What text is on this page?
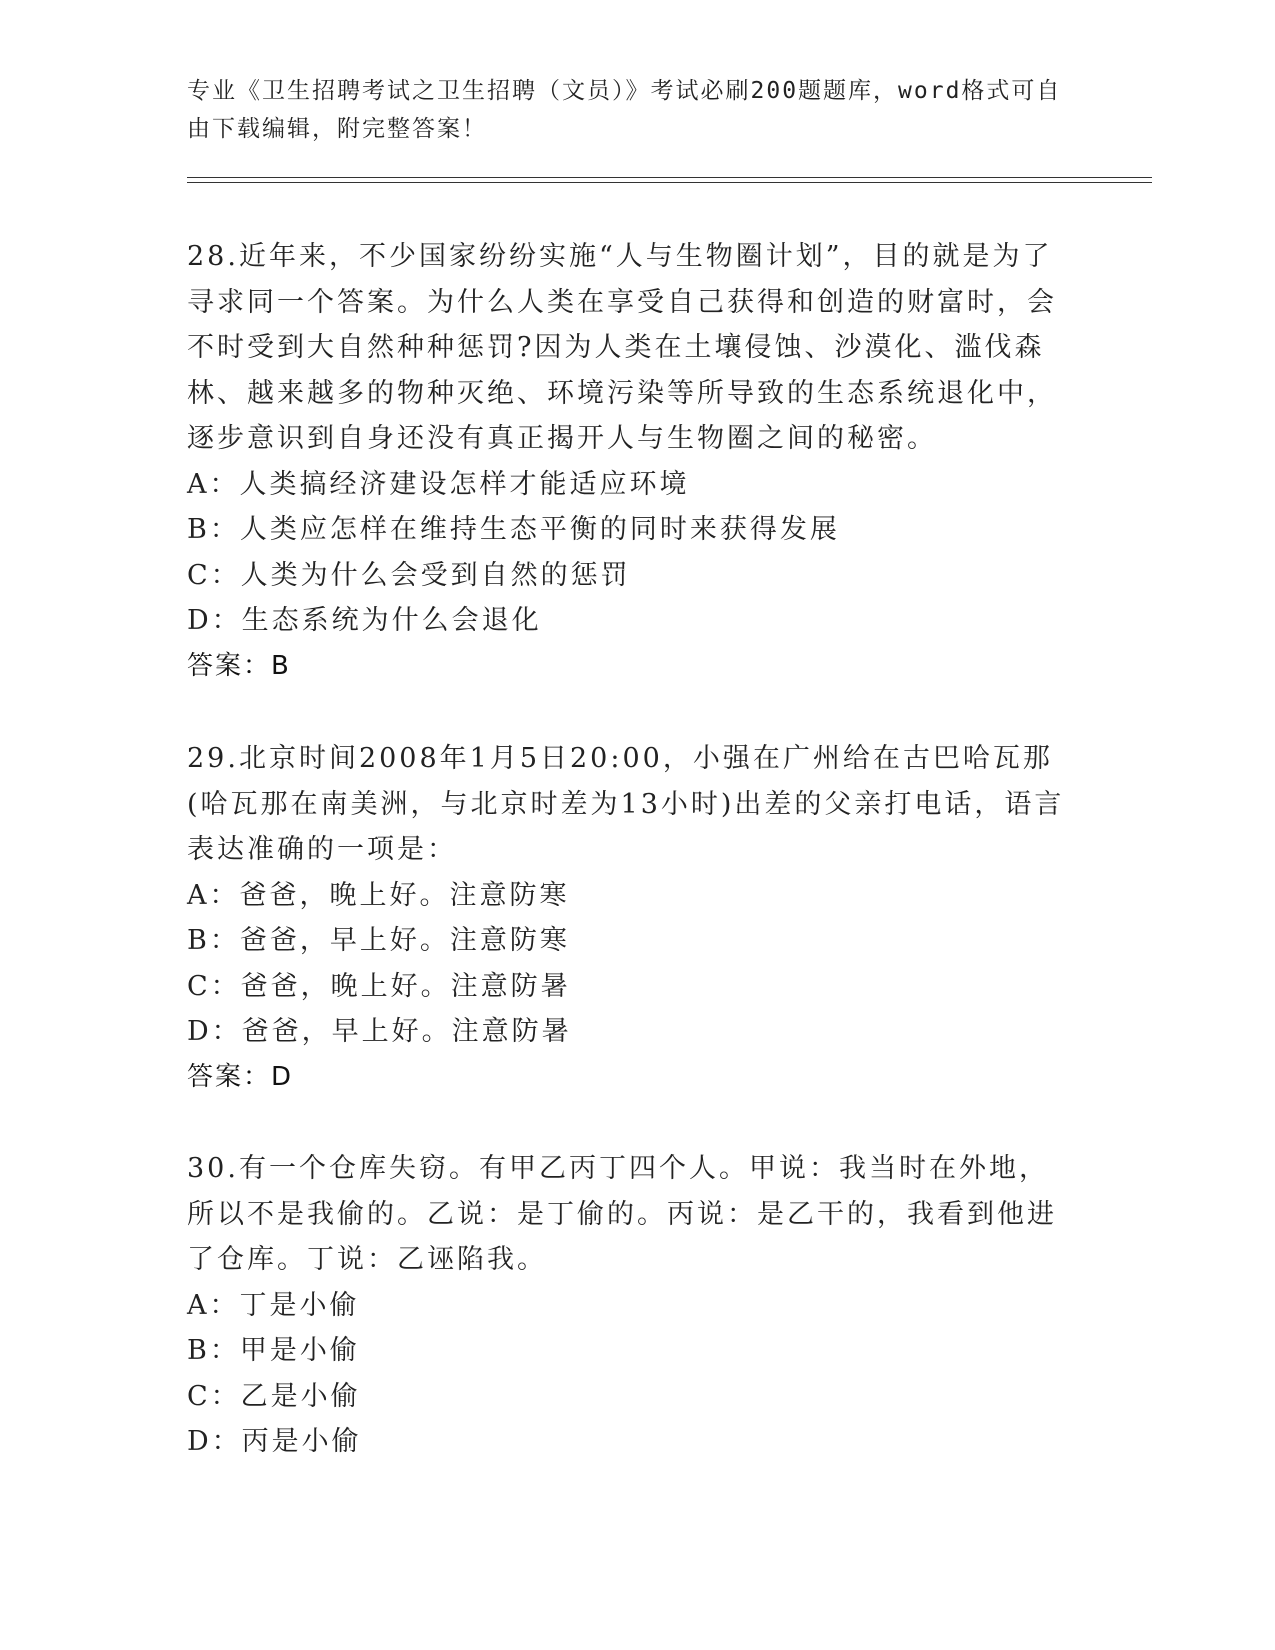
专业《卫生招聘考试之卫生招聘（文员）》考试必刷200题题库，word格式可自由下载编辑，附完整答案！

28.近年来，不少国家纷纷实施“人与生物圈计划”，目的就是为了寻求同一个答案。为什么人类在享受自己获得和创造的财富时，会不时受到大自然种种惩罚?因为人类在土壤侵蚀、沙漠化、滥伐森林、越来越多的物种灭绝、环境污染等所导致的生态系统退化中，逐步意识到自身还没有真正揭开人与生物圈之间的秘密。

A：人类搞经济建设怎样才能适应环境

B：人类应怎样在维持生态平衡的同时来获得发展

C：人类为什么会受到自然的惩罚

D：生态系统为什么会退化

答案：B

29.北京时间2008年1月5日20:00，小强在广州给在古巴哈瓦那(哈瓦那在南美洲，与北京时差为13小时)出差的父亲打电话，语言表达准确的一项是：

A：爸爸，晚上好。注意防寒

B：爸爸，早上好。注意防寒

C：爸爸，晚上好。注意防暑

D：爸爸，早上好。注意防暑

答案：D

30.有一个仓库失窃。有甲乙丙丁四个人。甲说：我当时在外地，所以不是我偷的。乙说：是丁偷的。丙说：是乙干的，我看到他进了仓库。丁说：乙诬陷我。

A：丁是小偷

B：甲是小偷

C：乙是小偷

D：丙是小偷
